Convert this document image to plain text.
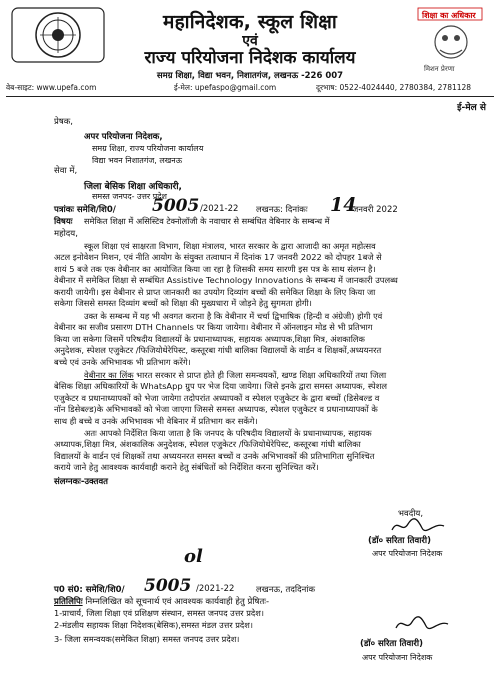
महानिदेशक, स्कूल शिक्षा
एवं
राज्य परियोजना निदेशक कार्यालय
समग्र शिक्षा, विद्या भवन, निशातगंज, लखनऊ -226 007
शिक्षा का अधिकार
मिशन प्रेरणा
वेब-साइट: www.upefa.com	ई-मेल: upefaspo@gmail.com	दूरभाष: 0522-4024440, 2780384, 2781128
ई-मेल से
प्रेषक,
अपर परियोजना निदेशक,
समग्र शिक्षा, राज्य परियोजना कार्यालय
विद्या भवन निशातगंज, लखनऊ
सेवा में,
जिला बेसिक शिक्षा अधिकारी,
समस्त जनपद- उत्तर प्रदेश
पत्रांकः समेशि/शि0/ 5005 /2021-22 लखनऊ: दिनांकः 14
जनवरी 2022
विषयः समेकित शिक्षा में असिस्टिव टेक्नोलॉजी के नवाचार से सम्बंधित वेबिनार के सम्बन्ध में
महोदय,
स्कूल शिक्षा एवं साक्षरता विभाग, शिक्षा मंत्रालय, भारत सरकार के द्वारा आजादी का अमृत महोत्सव
अटल इनोवेशन मिशन, एवं नीति आयोग के संयुक्त तत्वाधान में दिनांक 17 जनवरी 2022 को दोपहर 1बजे से
शायं 5 बजे तक एक वेबीनार का आयोजित किया जा रहा है जिसकी समय सारणी इस पत्र के साथ संलग्न है।
वेबीनार में समेकित शिक्षा से सम्बंधित Assistive Technology Innovations के सम्बन्ध में जानकारी उपलब्ध
करायी जायेगी। इस वेबीनार से प्राप्त जानकारी का उपयोग दिव्यांग बच्चों की समेकित शिक्षा के लिए किया जा
सकेगा जिससे समस्त दिव्यांग बच्चों को शिक्षा की मुख्यधारा में जोड़ने हेतु सुगमता होगी।
उक्त के सम्बन्ध में यह भी अवगत कराना है कि वेबीनार में चर्चा द्विभाषिक (हिन्दी व अंग्रेजी) होगी एवं
वेबीनार का सजीव प्रसारण DTH Channels पर किया जायेगा। वेबीनार में ऑनलाइन मोड से भी प्रतिभाग
किया जा सकेगा जिसमें परिषदीय विद्यालयों के प्रधानाध्यापक, सहायक अध्यापक,शिक्षा मित्र, अंशकालिक
अनुदेशक, स्पेशल एजुकेटर /फिजियोथेरेपिस्ट, कस्तूरबा गांधी बालिका विद्यालयों के वार्डन व शिक्षकों,अध्ययनरत
बच्चे एवं उनके अभिभावक भी प्रतिभाग करेंगे।
वेबीनार का लिंक भारत सरकार से प्राप्त होते ही जिला समन्वयकों, खण्ड शिक्षा अधिकारियों तथा जिला
बेसिक शिक्षा अधिकारियों के WhatsApp ग्रुप पर भेज दिया जायेगा। जिसे इनके द्वारा समस्त अध्यापक, स्पेशल
एजुकेटर व प्रधानाध्यापकों को भेजा जायेगा तदोपरांत अध्यापकों व स्पेशल एजुकेटर के द्वारा बच्चों (डिसेबल्ड व
नॉन डिसेबल्ड)के अभिभावकों को भेजा जाएगा जिससे समस्त अध्यापक, स्पेशल एजुकेटर व प्रधानाध्यापकों के
साथ ही बच्चे व उनके अभिभावक भी वेबिनार में प्रतिभाग कर सकेंगे।
अतः आपको निर्देशित किया जाता है कि जनपद के परिषदीय विद्यालयों के प्रधानाध्यापक, सहायक
अध्यापक,शिक्षा मित्र, अंशकालिक अनुदेशक, स्पेशल एजुकेटर /फिजियोथेरेपिस्ट, कस्तूरबा गांधी बालिका
विद्यालयों के वार्डन एवं शिक्षकों तथा अध्ययनरत समस्त बच्चों व उनके अभिभावकों की प्रतिभागिता सुनिश्चित
कराये जाने हेतु आवश्यक कार्यवाही कराने हेतु संबंधितों को निर्देशित करना सुनिश्चित करें।
संलग्नकः-उक्तवत
भवदीय,
(डॉ० सरिता तिवारी)
अपर परियोजना निदेशक
ol
प0 सं0: समेशि/शि0/ 5005 /2021-22	लखनऊ, तददिनांक
प्रतिलिपिः निम्नलिखित को सूचनार्थ एवं आवश्यक कार्यवाही हेतु प्रेषितः-
1-प्राचार्य, जिला शिक्षा एवं प्रशिक्षण संस्थान, समस्त जनपद उत्तर प्रदेश।
2-मंडलीय सहायक शिक्षा निदेशक(बेसिक),समस्त मंडल उत्तर प्रदेश।
3- जिला समन्वयक(समेकित शिक्षा) समस्त जनपद उत्तर प्रदेश।	(डॉ० सरिता तिवारी)
अपर परियोजना निदेशक
